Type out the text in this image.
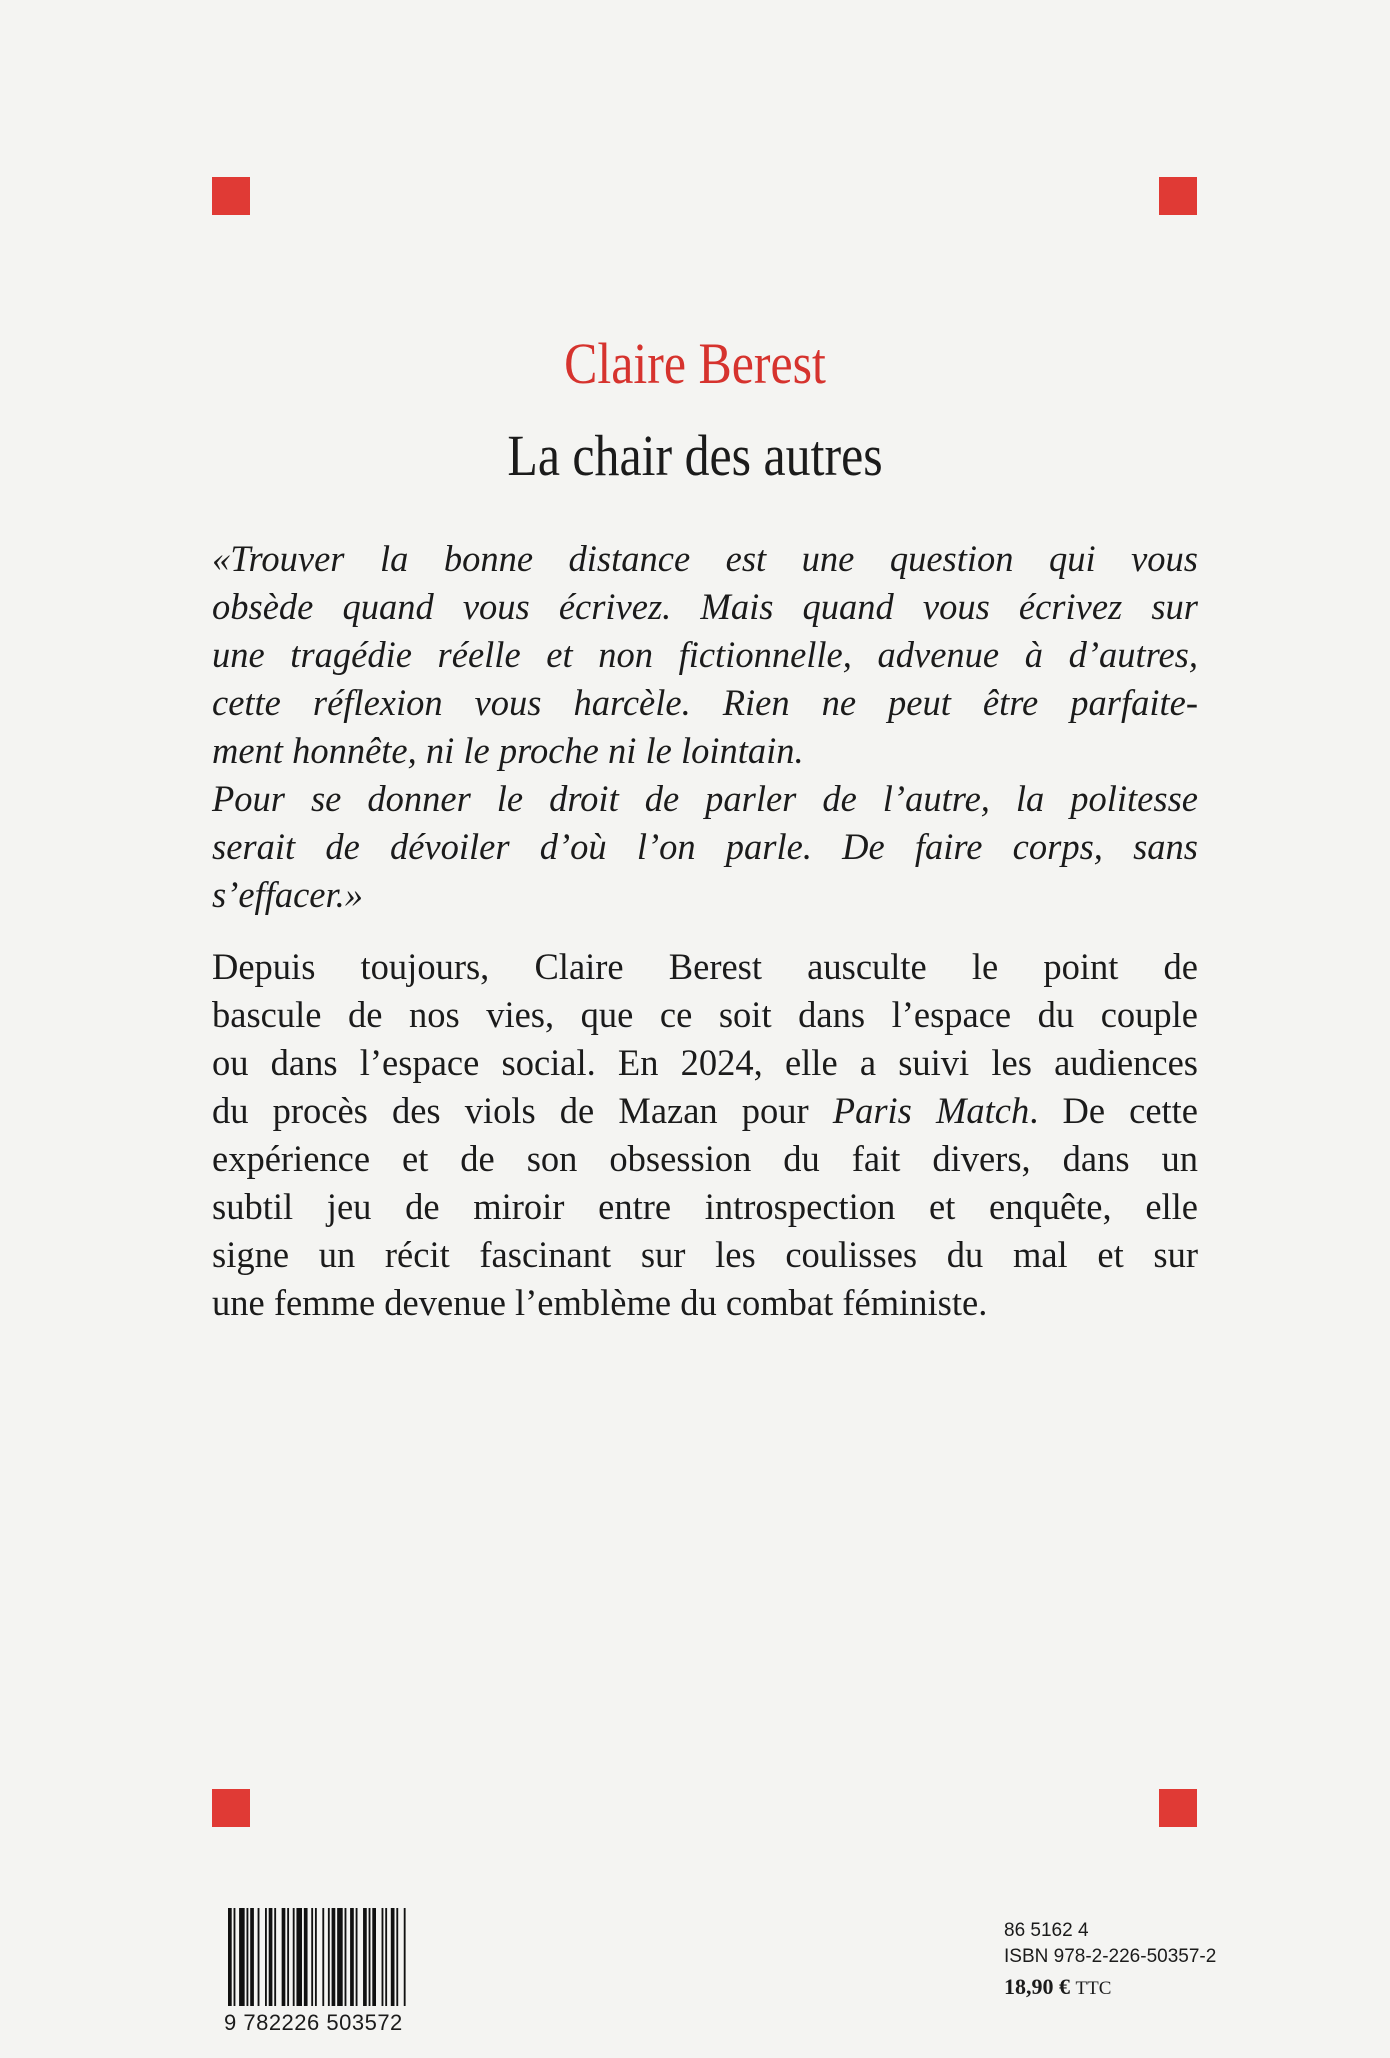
Claire Berest
La chair des autres
«Trouver la bonne distance est une question qui vous
obsède quand vous écrivez. Mais quand vous écrivez sur
une tragédie réelle et non fictionnelle, advenue à d’autres,
cette réflexion vous harcèle. Rien ne peut être parfaite-
ment honnête, ni le proche ni le lointain.
Pour se donner le droit de parler de l’autre, la politesse
serait de dévoiler d’où l’on parle. De faire corps, sans
s’effacer.»
Depuis toujours, Claire Berest ausculte le point de
bascule de nos vies, que ce soit dans l’espace du couple
ou dans l’espace social. En 2024, elle a suivi les audiences
du procès des viols de Mazan pour Paris Match. De cette
expérience et de son obsession du fait divers, dans un
subtil jeu de miroir entre introspection et enquête, elle
signe un récit fascinant sur les coulisses du mal et sur
une femme devenue l’emblème du combat féministe.
9 782226 503572
86 5162 4
ISBN 978-2-226-50357-2
18,90 € TTC
